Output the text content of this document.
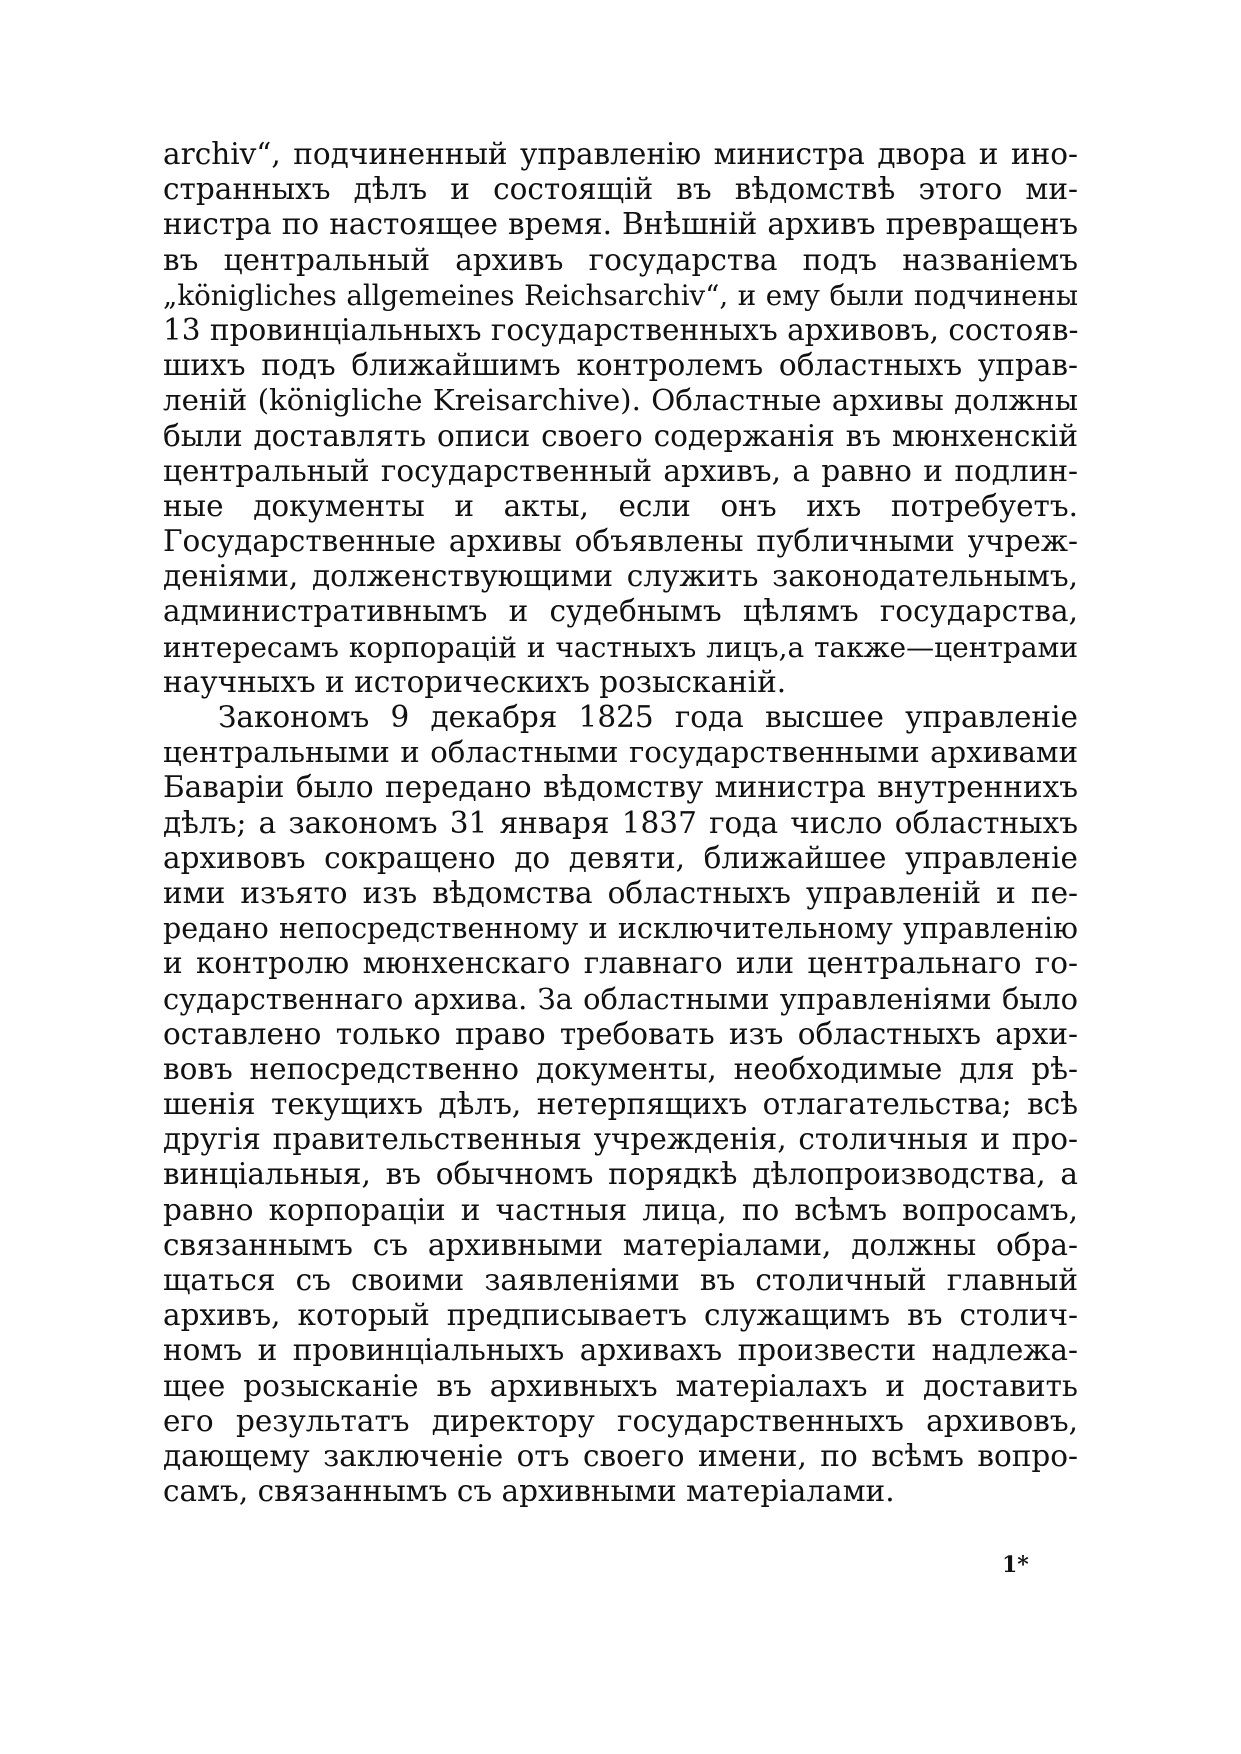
archiv“, подчиненный управленію министра двора и ино-
странныхъ дѣлъ и состоящій въ вѣдомствѣ этого ми-
нистра по настоящее время. Внѣшній архивъ превращенъ
въ центральный архивъ государства подъ названіемъ
„königliches allgemeines Reichsarchiv“, и ему были подчинены
13 провинціальныхъ государственныхъ архивовъ, состояв-
шихъ подъ ближайшимъ контролемъ областныхъ управ-
леній (königliche Kreisarchive). Областные архивы должны
были доставлять описи своего содержанія въ мюнхенскій
центральный государственный архивъ, а равно и подлин-
ные документы и акты, если онъ ихъ потребуетъ.
Государственные архивы объявлены публичными учреж-
деніями, долженствующими служить законодательнымъ,
административнымъ и судебнымъ цѣлямъ государства,
интересамъ корпорацій и частныхъ лицъ,а также—центрами
научныхъ и историческихъ розысканій.
Закономъ 9 декабря 1825 года высшее управленіе
центральными и областными государственными архивами
Баваріи было передано вѣдомству министра внутреннихъ
дѣлъ; а закономъ 31 января 1837 года число областныхъ
архивовъ сокращено до девяти, ближайшее управленіе
ими изъято изъ вѣдомства областныхъ управленій и пе-
редано непосредственному и исключительному управленію
и контролю мюнхенскаго главнаго или центральнаго го-
сударственнаго архива. За областными управленіями было
оставлено только право требовать изъ областныхъ архи-
вовъ непосредственно документы, необходимые для рѣ-
шенія текущихъ дѣлъ, нетерпящихъ отлагательства; всѣ
другія правительственныя учрежденія, столичныя и про-
винціальныя, въ обычномъ порядкѣ дѣлопроизводства, а
равно корпораціи и частныя лица, по всѣмъ вопросамъ,
связаннымъ съ архивными матеріалами, должны обра-
щаться съ своими заявленіями въ столичный главный
архивъ, который предписываетъ служащимъ въ столич-
номъ и провинціальныхъ архивахъ произвести надлежа-
щее розысканіе въ архивныхъ матеріалахъ и доставить
его результатъ директору государственныхъ архивовъ,
дающему заключеніе отъ своего имени, по всѣмъ вопро-
самъ, связаннымъ съ архивными матеріалами.
1*
